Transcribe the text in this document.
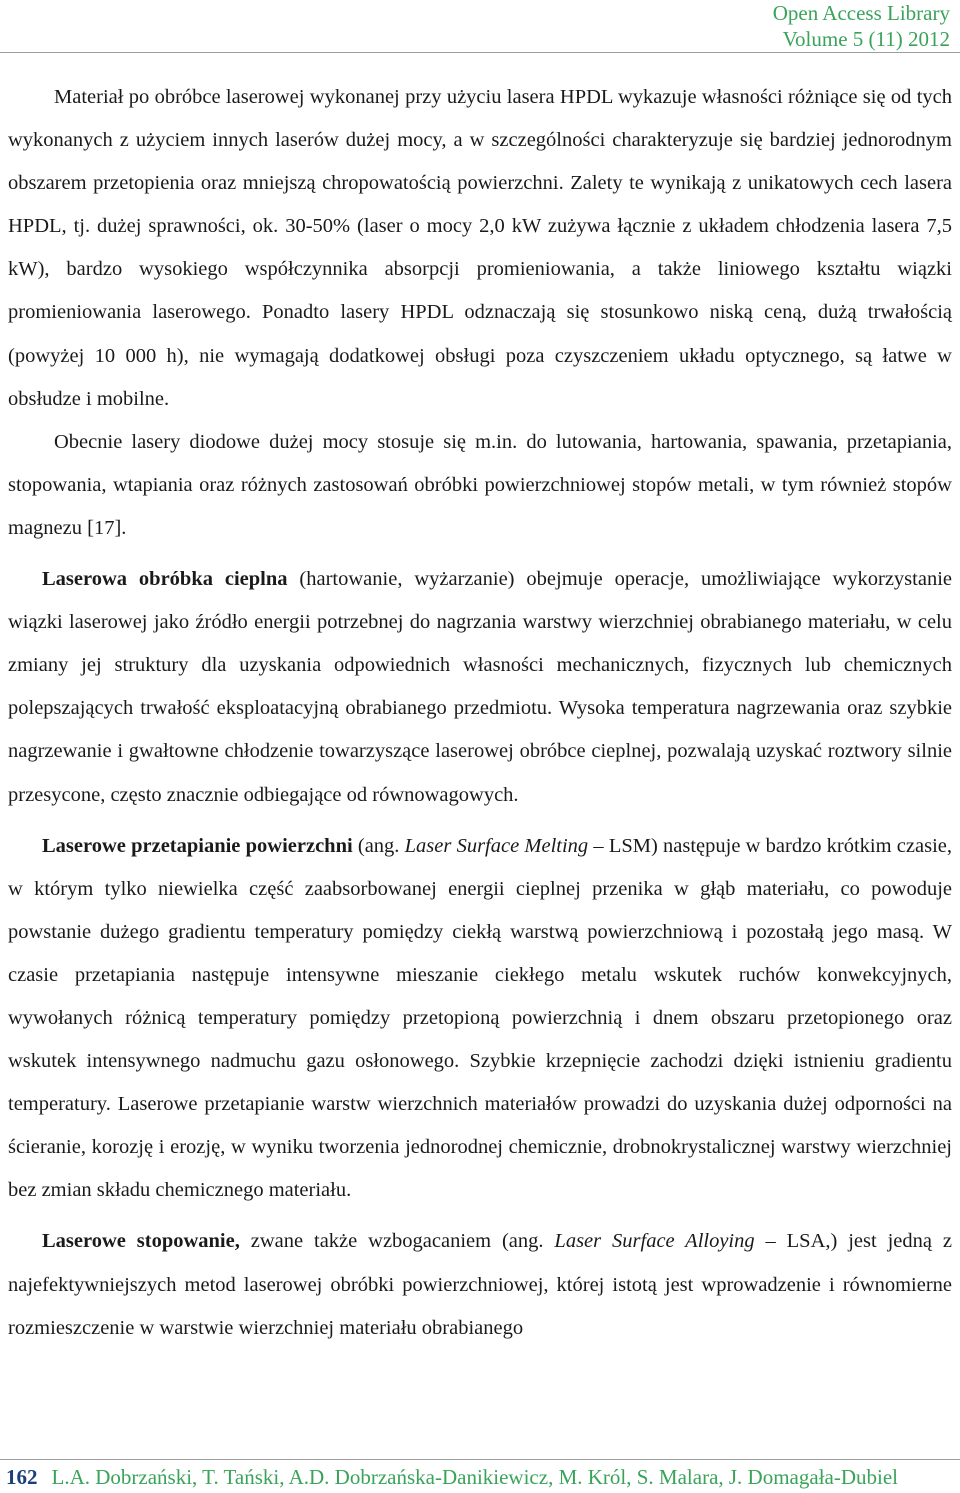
Open Access Library
Volume 5 (11) 2012

Materiał po obróbce laserowej wykonanej przy użyciu lasera HPDL wykazuje własności różniące się od tych wykonanych z użyciem innych laserów dużej mocy, a w szczególności charakteryzuje się bardziej jednorodnym obszarem przetopienia oraz mniejszą chropowatością powierzchni. Zalety te wynikają z unikatowych cech lasera HPDL, tj. dużej sprawności, ok. 30-50% (laser o mocy 2,0 kW zużywa łącznie z układem chłodzenia lasera 7,5 kW), bardzo wysokiego współczynnika absorpcji promieniowania, a także liniowego kształtu wiązki promieniowania laserowego. Ponadto lasery HPDL odznaczają się stosunkowo niską ceną, dużą trwałością (powyżej 10 000 h), nie wymagają dodatkowej obsługi poza czyszczeniem układu optycznego, są łatwe w obsłudze i mobilne.

Obecnie lasery diodowe dużej mocy stosuje się m.in. do lutowania, hartowania, spawania, przetapiania, stopowania, wtapiania oraz różnych zastosowań obróbki powierzchniowej stopów metali, w tym również stopów magnezu [17].

Laserowa obróbka cieplna (hartowanie, wyżarzanie) obejmuje operacje, umożliwiające wykorzystanie wiązki laserowej jako źródło energii potrzebnej do nagrzania warstwy wierzchniej obrabianego materiału, w celu zmiany jej struktury dla uzyskania odpowiednich własności mechanicznych, fizycznych lub chemicznych polepszających trwałość eksploatacyjną obrabianego przedmiotu. Wysoka temperatura nagrzewania oraz szybkie nagrzewanie i gwałtowne chłodzenie towarzyszące laserowej obróbce cieplnej, pozwalają uzyskać roztwory silnie przesycone, często znacznie odbiegające od równowagowych.

Laserowe przetapianie powierzchni (ang. Laser Surface Melting – LSM) następuje w bardzo krótkim czasie, w którym tylko niewielka część zaabsorbowanej energii cieplnej przenika w głąb materiału, co powoduje powstanie dużego gradientu temperatury pomiędzy ciekłą warstwą powierzchniową i pozostałą jego masą. W czasie przetapiania następuje intensywne mieszanie ciekłego metalu wskutek ruchów konwekcyjnych, wywołanych różnicą temperatury pomiędzy przetopioną powierzchnią i dnem obszaru przetopionego oraz wskutek intensywnego nadmuchu gazu osłonowego. Szybkie krzepnięcie zachodzi dzięki istnieniu gradientu temperatury. Laserowe przetapianie warstw wierzchnich materiałów prowadzi do uzyskania dużej odporności na ścieranie, korozję i erozję, w wyniku tworzenia jednorodnej chemicznie, drobnokrystalicznej warstwy wierzchniej bez zmian składu chemicznego materiału.

Laserowe stopowanie, zwane także wzbogacaniem (ang. Laser Surface Alloying – LSA,) jest jedną z najefektywniejszych metod laserowej obróbki powierzchniowej, której istotą jest wprowadzenie i równomierne rozmieszczenie w warstwie wierzchniej materiału obrabianego

162 L.A. Dobrzański, T. Tański, A.D. Dobrzańska-Danikiewicz, M. Król, S. Malara, J. Domagała-Dubiel
